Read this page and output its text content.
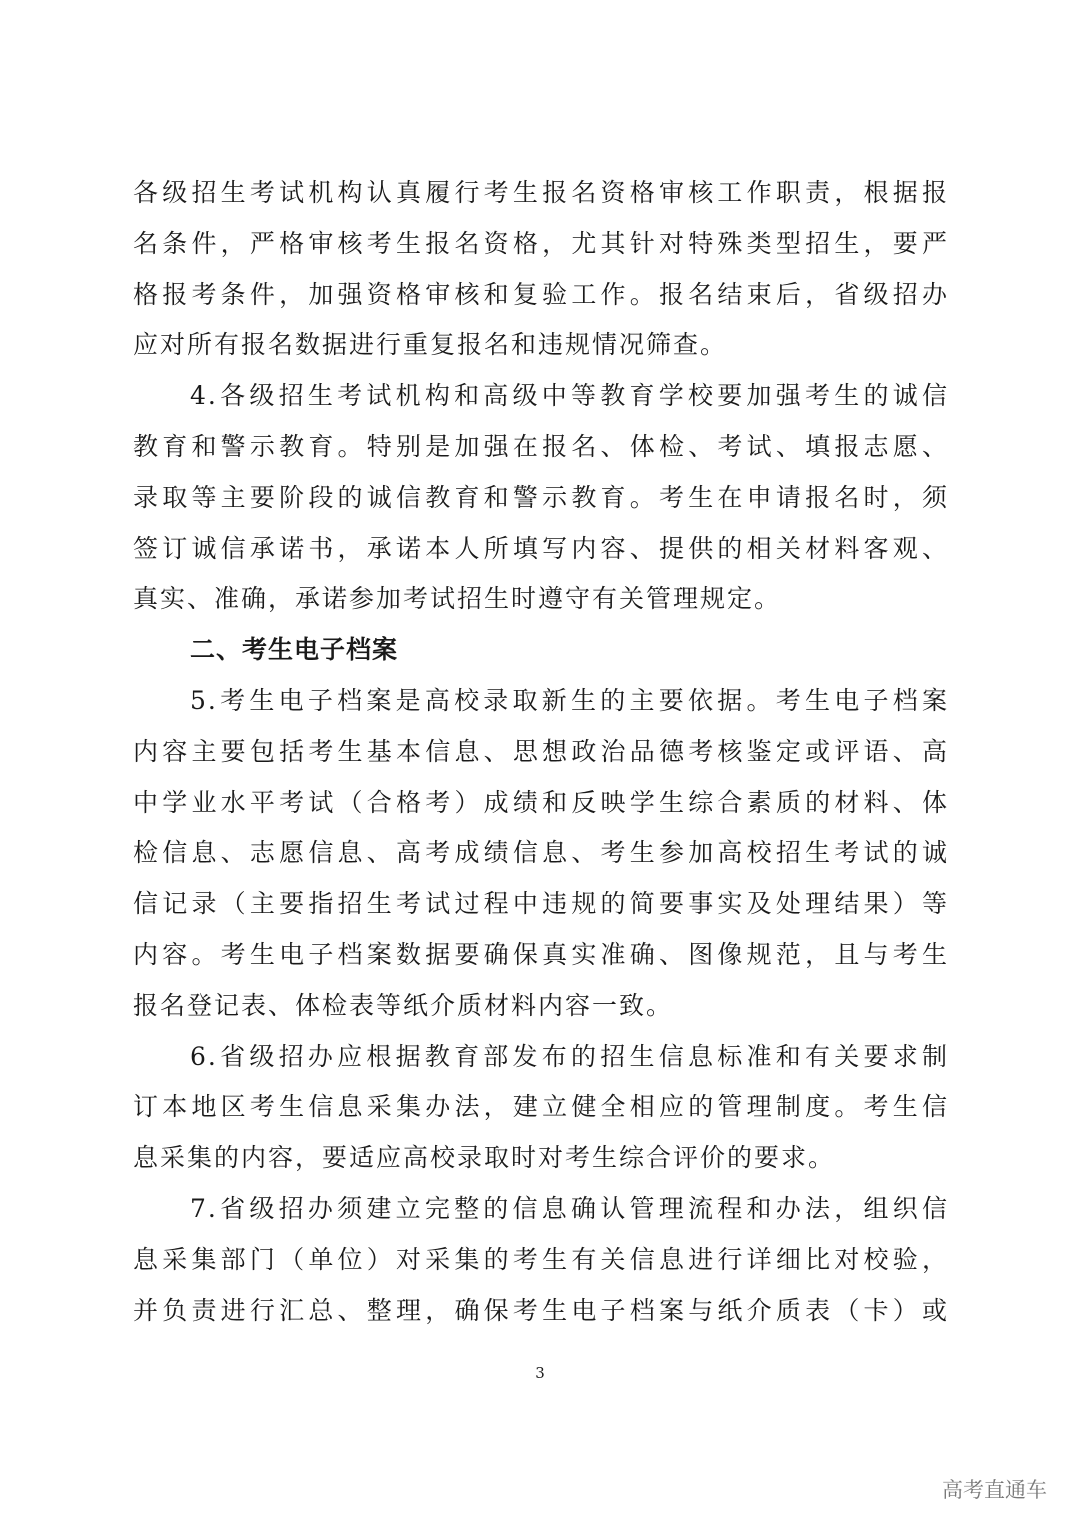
各级招生考试机构认真履行考生报名资格审核工作职责，根据报
名条件，严格审核考生报名资格，尤其针对特殊类型招生，要严
格报考条件，加强资格审核和复验工作。报名结束后，省级招办
应对所有报名数据进行重复报名和违规情况筛查。
4.各级招生考试机构和高级中等教育学校要加强考生的诚信
教育和警示教育。特别是加强在报名、体检、考试、填报志愿、
录取等主要阶段的诚信教育和警示教育。考生在申请报名时，须
签订诚信承诺书，承诺本人所填写内容、提供的相关材料客观、
真实、准确，承诺参加考试招生时遵守有关管理规定。
二、考生电子档案
5.考生电子档案是高校录取新生的主要依据。考生电子档案
内容主要包括考生基本信息、思想政治品德考核鉴定或评语、高
中学业水平考试（合格考）成绩和反映学生综合素质的材料、体
检信息、志愿信息、高考成绩信息、考生参加高校招生考试的诚
信记录（主要指招生考试过程中违规的简要事实及处理结果）等
内容。考生电子档案数据要确保真实准确、图像规范，且与考生
报名登记表、体检表等纸介质材料内容一致。
6.省级招办应根据教育部发布的招生信息标准和有关要求制
订本地区考生信息采集办法，建立健全相应的管理制度。考生信
息采集的内容，要适应高校录取时对考生综合评价的要求。
7.省级招办须建立完整的信息确认管理流程和办法，组织信
息采集部门（单位）对采集的考生有关信息进行详细比对校验，
并负责进行汇总、整理，确保考生电子档案与纸介质表（卡）或
3
高考直通车
